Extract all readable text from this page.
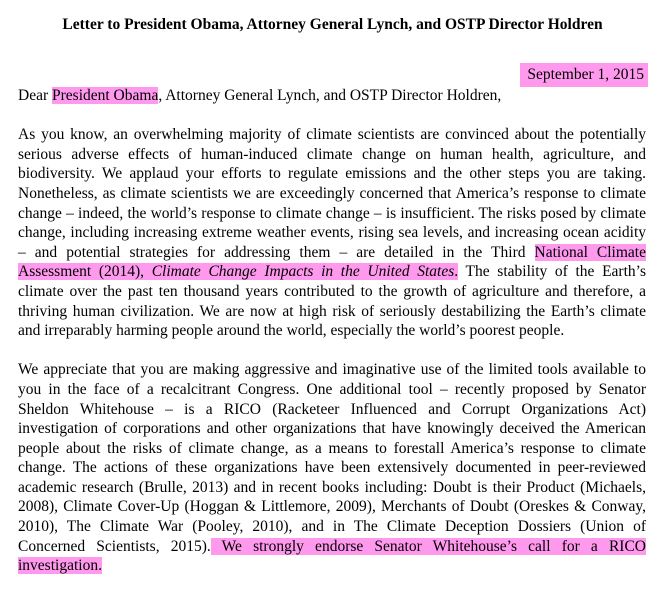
Letter to President Obama, Attorney General Lynch, and OSTP Director Holdren
September 1, 2015

Dear President Obama, Attorney General Lynch, and OSTP Director Holdren,

As you know, an overwhelming majority of climate scientists are convinced about the potentially serious adverse effects of human-induced climate change on human health, agriculture, and biodiversity. We applaud your efforts to regulate emissions and the other steps you are taking. Nonetheless, as climate scientists we are exceedingly concerned that America’s response to climate change – indeed, the world’s response to climate change – is insufficient. The risks posed by climate change, including increasing extreme weather events, rising sea levels, and increasing ocean acidity – and potential strategies for addressing them – are detailed in the Third National Climate Assessment (2014), Climate Change Impacts in the United States. The stability of the Earth’s climate over the past ten thousand years contributed to the growth of agriculture and therefore, a thriving human civilization. We are now at high risk of seriously destabilizing the Earth’s climate and irreparably harming people around the world, especially the world’s poorest people.

We appreciate that you are making aggressive and imaginative use of the limited tools available to you in the face of a recalcitrant Congress. One additional tool – recently proposed by Senator Sheldon Whitehouse – is a RICO (Racketeer Influenced and Corrupt Organizations Act) investigation of corporations and other organizations that have knowingly deceived the American people about the risks of climate change, as a means to forestall America’s response to climate change. The actions of these organizations have been extensively documented in peer-reviewed academic research (Brulle, 2013) and in recent books including: Doubt is their Product (Michaels, 2008), Climate Cover-Up (Hoggan & Littlemore, 2009), Merchants of Doubt (Oreskes & Conway, 2010), The Climate War (Pooley, 2010), and in The Climate Deception Dossiers (Union of Concerned Scientists, 2015). We strongly endorse Senator Whitehouse’s call for a RICO investigation.
